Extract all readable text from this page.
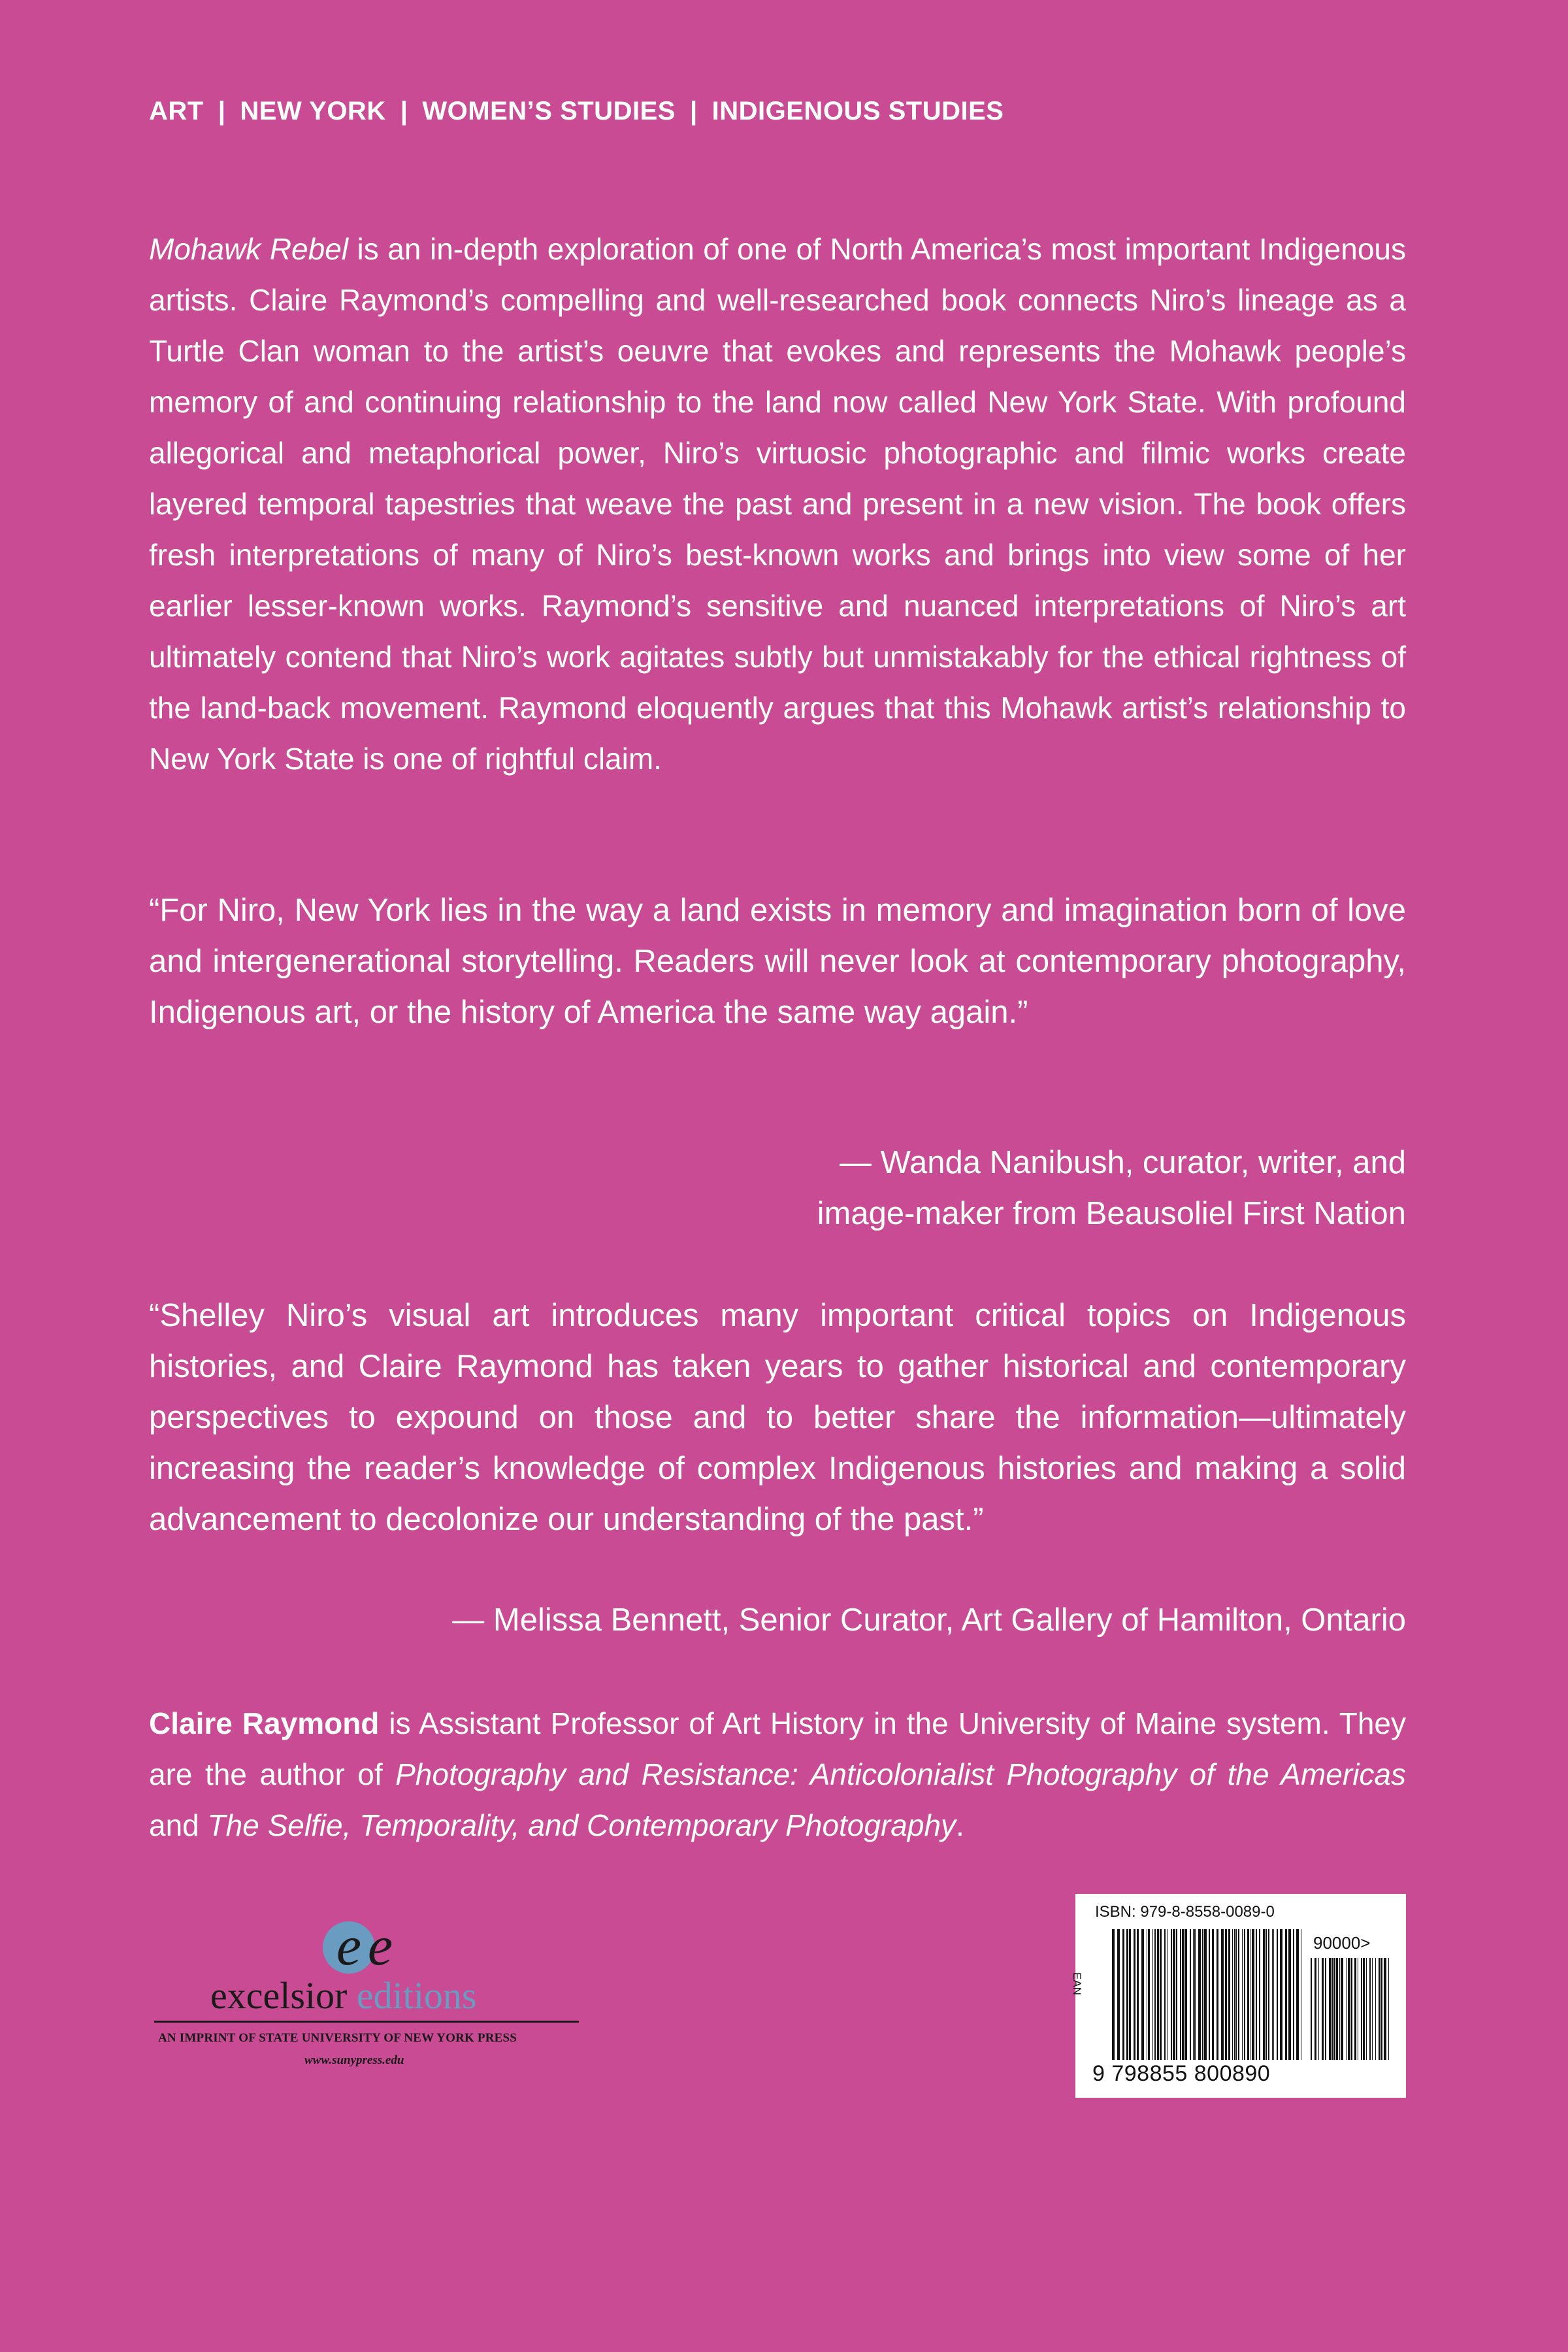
ART | NEW YORK | WOMEN’S STUDIES | INDIGENOUS STUDIES
Mohawk Rebel is an in-depth exploration of one of North America’s most important Indigenous artists. Claire Raymond’s compelling and well-researched book connects Niro’s lineage as a Turtle Clan woman to the artist’s oeuvre that evokes and represents the Mohawk people’s memory of and continuing relationship to the land now called New York State. With profound allegorical and metaphorical power, Niro’s virtuosic photographic and filmic works create layered temporal tapestries that weave the past and present in a new vision. The book offers fresh interpretations of many of Niro’s best-known works and brings into view some of her earlier lesser-known works. Raymond’s sensitive and nuanced interpretations of Niro’s art ultimately contend that Niro’s work agitates subtly but unmistakably for the ethical rightness of the land-back movement. Raymond eloquently argues that this Mohawk artist’s relationship to New York State is one of rightful claim.
“For Niro, New York lies in the way a land exists in memory and imagination born of love and intergenerational storytelling. Readers will never look at contemporary photography, Indigenous art, or the history of America the same way again.”
— Wanda Nanibush, curator, writer, and
image-maker from Beausoliel First Nation
“Shelley Niro’s visual art introduces many important critical topics on Indigenous histories, and Claire Raymond has taken years to gather historical and contemporary perspectives to expound on those and to better share the information—ultimately increasing the reader’s knowledge of complex Indigenous histories and making a solid advancement to decolonize our understanding of the past.”
— Melissa Bennett, Senior Curator, Art Gallery of Hamilton, Ontario
Claire Raymond is Assistant Professor of Art History in the University of Maine system. They are the author of Photography and Resistance: Anticolonialist Photography of the Americas and The Selfie, Temporality, and Contemporary Photography.
e e
excelsior editions
AN IMPRINT OF STATE UNIVERSITY OF NEW YORK PRESS
www.sunypress.edu
ISBN: 979-8-8558-0089-0
EAN
90000>
9 798855 800890
